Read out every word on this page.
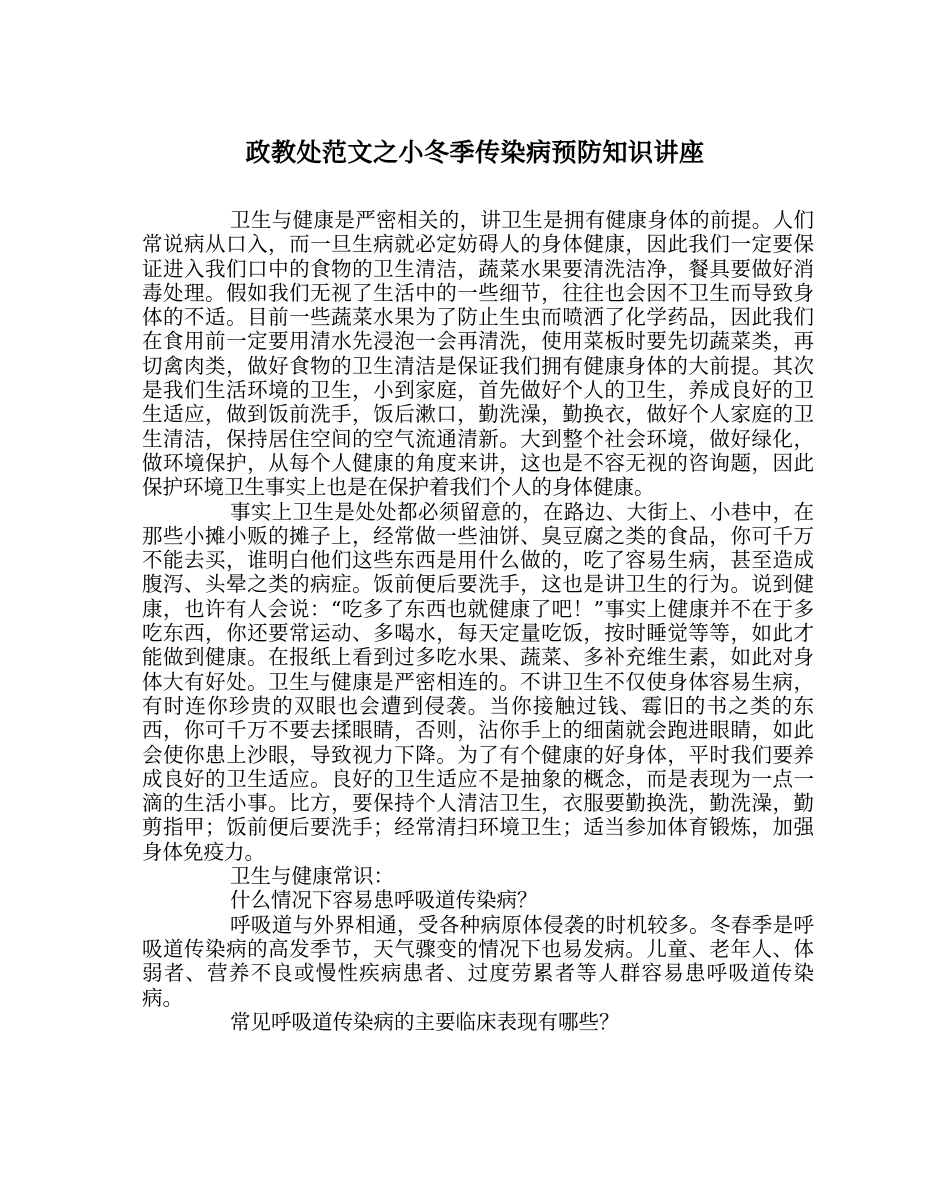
政教处范文之小冬季传染病预防知识讲座

卫生与健康是严密相关的，讲卫生是拥有健康身体的前提。人们常说病从口入，而一旦生病就必定妨碍人的身体健康，因此我们一定要保证进入我们口中的食物的卫生清洁，蔬菜水果要清洗洁净，餐具要做好消毒处理。假如我们无视了生活中的一些细节，往往也会因不卫生而导致身体的不适。目前一些蔬菜水果为了防止生虫而喷洒了化学药品，因此我们在食用前一定要用清水先浸泡一会再清洗，使用菜板时要先切蔬菜类，再切禽肉类，做好食物的卫生清洁是保证我们拥有健康身体的大前提。其次是我们生活环境的卫生，小到家庭，首先做好个人的卫生，养成良好的卫生适应，做到饭前洗手，饭后漱口，勤洗澡，勤换衣，做好个人家庭的卫生清洁，保持居住空间的空气流通清新。大到整个社会环境，做好绿化，做环境保护，从每个人健康的角度来讲，这也是不容无视的咨询题，因此保护环境卫生事实上也是在保护着我们个人的身体健康。

事实上卫生是处处都必须留意的，在路边、大街上、小巷中，在那些小摊小贩的摊子上，经常做一些油饼、臭豆腐之类的食品，你可千万不能去买，谁明白他们这些东西是用什么做的，吃了容易生病，甚至造成腹泻、头晕之类的病症。饭前便后要洗手，这也是讲卫生的行为。说到健康，也许有人会说：“吃多了东西也就健康了吧！”事实上健康并不在于多吃东西，你还要常运动、多喝水，每天定量吃饭，按时睡觉等等，如此才能做到健康。在报纸上看到过多吃水果、蔬菜、多补充维生素，如此对身体大有好处。卫生与健康是严密相连的。不讲卫生不仅使身体容易生病，有时连你珍贵的双眼也会遭到侵袭。当你接触过钱、霉旧的书之类的东西，你可千万不要去揉眼睛，否则，沾你手上的细菌就会跑进眼睛，如此会使你患上沙眼，导致视力下降。为了有个健康的好身体，平时我们要养成良好的卫生适应。良好的卫生适应不是抽象的概念，而是表现为一点一滴的生活小事。比方，要保持个人清洁卫生，衣服要勤换洗，勤洗澡，勤剪指甲；饭前便后要洗手；经常清扫环境卫生；适当参加体育锻炼，加强身体免疫力。

卫生与健康常识：

什么情况下容易患呼吸道传染病？

呼吸道与外界相通，受各种病原体侵袭的时机较多。冬春季是呼吸道传染病的高发季节，天气骤变的情况下也易发病。儿童、老年人、体弱者、营养不良或慢性疾病患者、过度劳累者等人群容易患呼吸道传染病。

常见呼吸道传染病的主要临床表现有哪些？
